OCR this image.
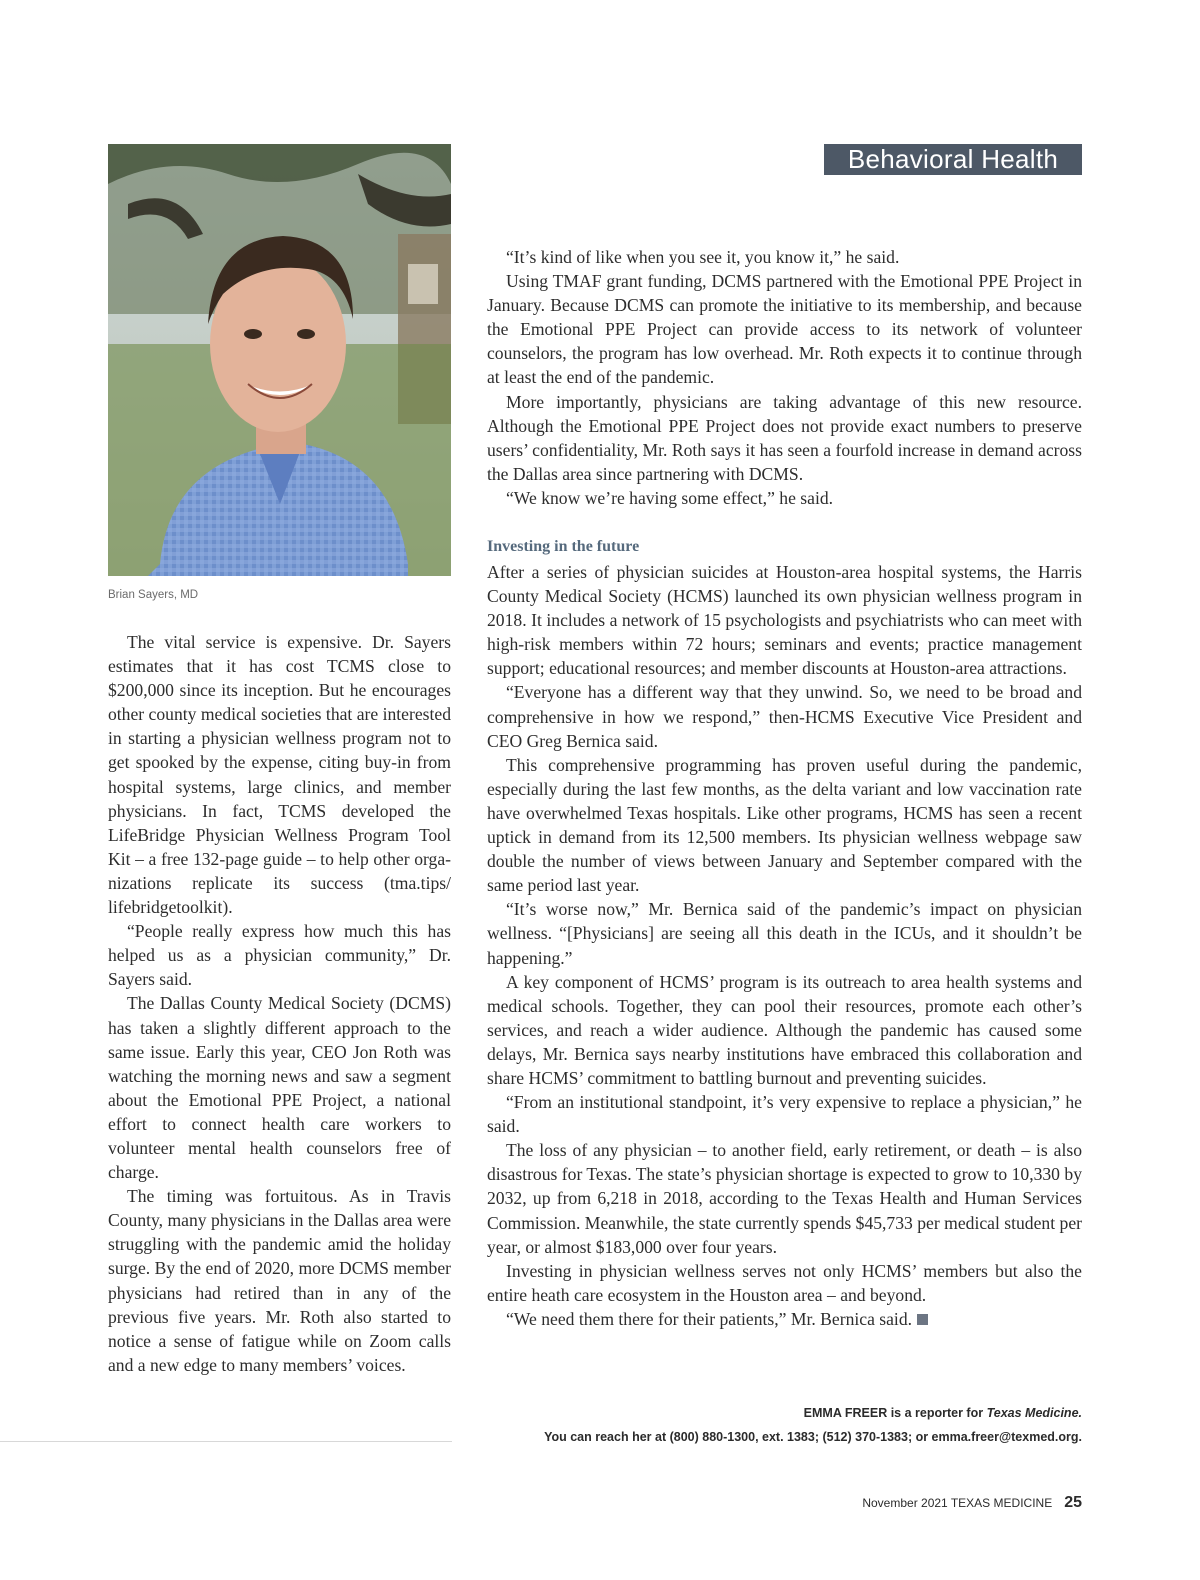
Behavioral Health
Brian Sayers, MD

The vital service is expensive. Dr. Sayers estimates that it has cost TCMS close to $200,000 since its inception. But he encourages other county medical societies that are interested in starting a physician wellness program not to get spooked by the expense, citing buy-in from hospital systems, large clinics, and member physicians. In fact, TCMS developed the LifeBridge Physician Wellness Program Tool Kit – a free 132-page guide – to help other organizations replicate its success (tma.tips/ lifebridgetoolkit).

“People really express how much this has helped us as a physician community,” Dr. Sayers said.

The Dallas County Medical Society (DCMS) has taken a slightly different approach to the same issue. Early this year, CEO Jon Roth was watching the morning news and saw a segment about the Emotional PPE Project, a national effort to connect health care workers to volunteer mental health counselors free of charge.

The timing was fortuitous. As in Travis County, many physicians in the Dallas area were struggling with the pandemic amid the holiday surge. By the end of 2020, more DCMS member physicians had retired than in any of the previous five years. Mr. Roth also started to notice a sense of fatigue while on Zoom calls and a new edge to many members’ voices.

“It’s kind of like when you see it, you know it,” he said.

Using TMAF grant funding, DCMS partnered with the Emotional PPE Project in January. Because DCMS can promote the initiative to its membership, and because the Emotional PPE Project can provide access to its network of volunteer counselors, the program has low overhead. Mr. Roth expects it to continue through at least the end of the pandemic.

More importantly, physicians are taking advantage of this new resource. Although the Emotional PPE Project does not provide exact numbers to preserve users’ confidentiality, Mr. Roth says it has seen a fourfold increase in demand across the Dallas area since partnering with DCMS.

“We know we’re having some effect,” he said.

Investing in the future

After a series of physician suicides at Houston-area hospital systems, the Harris County Medical Society (HCMS) launched its own physician wellness program in 2018. It includes a network of 15 psychologists and psychiatrists who can meet with high-risk members within 72 hours; seminars and events; practice management support; educational resources; and member discounts at Houston-area attractions.

“Everyone has a different way that they unwind. So, we need to be broad and comprehensive in how we respond,” then-HCMS Executive Vice President and CEO Greg Bernica said.

This comprehensive programming has proven useful during the pandemic, especially during the last few months, as the delta variant and low vaccination rate have overwhelmed Texas hospitals. Like other programs, HCMS has seen a recent uptick in demand from its 12,500 members. Its physician wellness webpage saw double the number of views between January and September compared with the same period last year.

“It’s worse now,” Mr. Bernica said of the pandemic’s impact on physician wellness. “[Physicians] are seeing all this death in the ICUs, and it shouldn’t be happening.”

A key component of HCMS’ program is its outreach to area health systems and medical schools. Together, they can pool their resources, promote each other’s services, and reach a wider audience. Although the pandemic has caused some delays, Mr. Bernica says nearby institutions have embraced this collaboration and share HCMS’ commitment to battling burnout and preventing suicides.

“From an institutional standpoint, it’s very expensive to replace a physician,” he said.

The loss of any physician – to another field, early retirement, or death – is also disastrous for Texas. The state’s physician shortage is expected to grow to 10,330 by 2032, up from 6,218 in 2018, according to the Texas Health and Human Services Commission. Meanwhile, the state currently spends $45,733 per medical student per year, or almost $183,000 over four years.

Investing in physician wellness serves not only HCMS’ members but also the entire heath care ecosystem in the Houston area – and beyond.

“We need them there for their patients,” Mr. Bernica said.

EMMA FREER is a reporter for Texas Medicine.
You can reach her at (800) 880-1300, ext. 1383; (512) 370-1383; or emma.freer@texmed.org.
November 2021 TEXAS MEDICINE 25
